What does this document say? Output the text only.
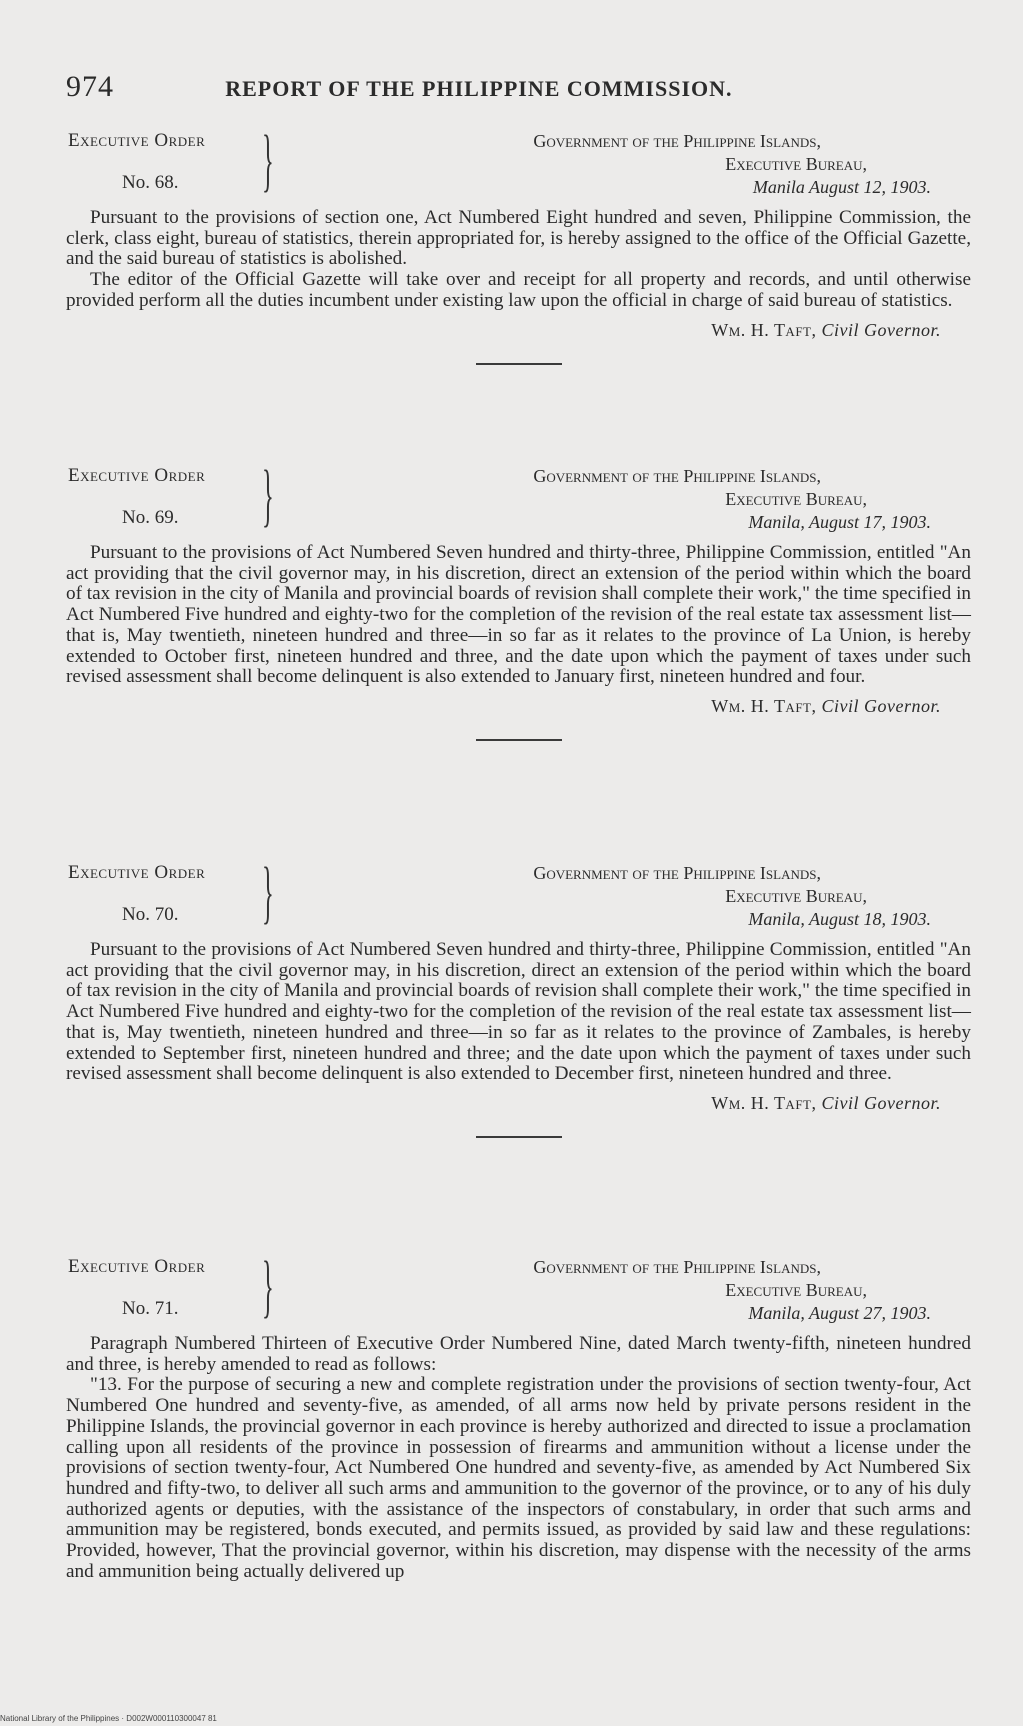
974	REPORT OF THE PHILIPPINE COMMISSION.
Executive Order
No. 68. }	Government of the Philippine Islands,
Executive Bureau,
Manila August 12, 1903.

Pursuant to the provisions of section one, Act Numbered Eight hundred and seven, Philippine Commission, the clerk, class eight, bureau of statistics, therein appropriated for, is hereby assigned to the office of the Official Gazette, and the said bureau of statistics is abolished.

The editor of the Official Gazette will take over and receipt for all property and records, and until otherwise provided perform all the duties incumbent under existing law upon the official in charge of said bureau of statistics.

Wm. H. Taft, Civil Governor.
Executive Order
No. 69. }	Government of the Philippine Islands,
Executive Bureau,
Manila, August 17, 1903.

Pursuant to the provisions of Act Numbered Seven hundred and thirty-three, Philippine Commission, entitled "An act providing that the civil governor may, in his discretion, direct an extension of the period within which the board of tax revision in the city of Manila and provincial boards of revision shall complete their work," the time specified in Act Numbered Five hundred and eighty-two for the completion of the revision of the real estate tax assessment list—that is, May twentieth, nineteen hundred and three—in so far as it relates to the province of La Union, is hereby extended to October first, nineteen hundred and three, and the date upon which the payment of taxes under such revised assessment shall become delinquent is also extended to January first, nineteen hundred and four.

Wm. H. Taft, Civil Governor.
Executive Order
No. 70. }	Government of the Philippine Islands,
Executive Bureau,
Manila, August 18, 1903.

Pursuant to the provisions of Act Numbered Seven hundred and thirty-three, Philippine Commission, entitled "An act providing that the civil governor may, in his discretion, direct an extension of the period within which the board of tax revision in the city of Manila and provincial boards of revision shall complete their work," the time specified in Act Numbered Five hundred and eighty-two for the completion of the revision of the real estate tax assessment list—that is, May twentieth, nineteen hundred and three—in so far as it relates to the province of Zambales, is hereby extended to September first, nineteen hundred and three; and the date upon which the payment of taxes under such revised assessment shall become delinquent is also extended to December first, nineteen hundred and three.

Wm. H. Taft, Civil Governor.
Executive Order
No. 71. }	Government of the Philippine Islands,
Executive Bureau,
Manila, August 27, 1903.

Paragraph Numbered Thirteen of Executive Order Numbered Nine, dated March twenty-fifth, nineteen hundred and three, is hereby amended to read as follows:

"13. For the purpose of securing a new and complete registration under the provisions of section twenty-four, Act Numbered One hundred and seventy-five, as amended, of all arms now held by private persons resident in the Philippine Islands, the provincial governor in each province is hereby authorized and directed to issue a proclamation calling upon all residents of the province in possession of firearms and ammunition without a license under the provisions of section twenty-four, Act Numbered One hundred and seventy-five, as amended by Act Numbered Six hundred and fifty-two, to deliver all such arms and ammunition to the governor of the province, or to any of his duly authorized agents or deputies, with the assistance of the inspectors of constabulary, in order that such arms and ammunition may be registered, bonds executed, and permits issued, as provided by said law and these regulations: Provided, however, That the provincial governor, within his discretion, may dispense with the necessity of the arms and ammunition being actually delivered up

National Library of the Philippines · D002W000110300047 81
